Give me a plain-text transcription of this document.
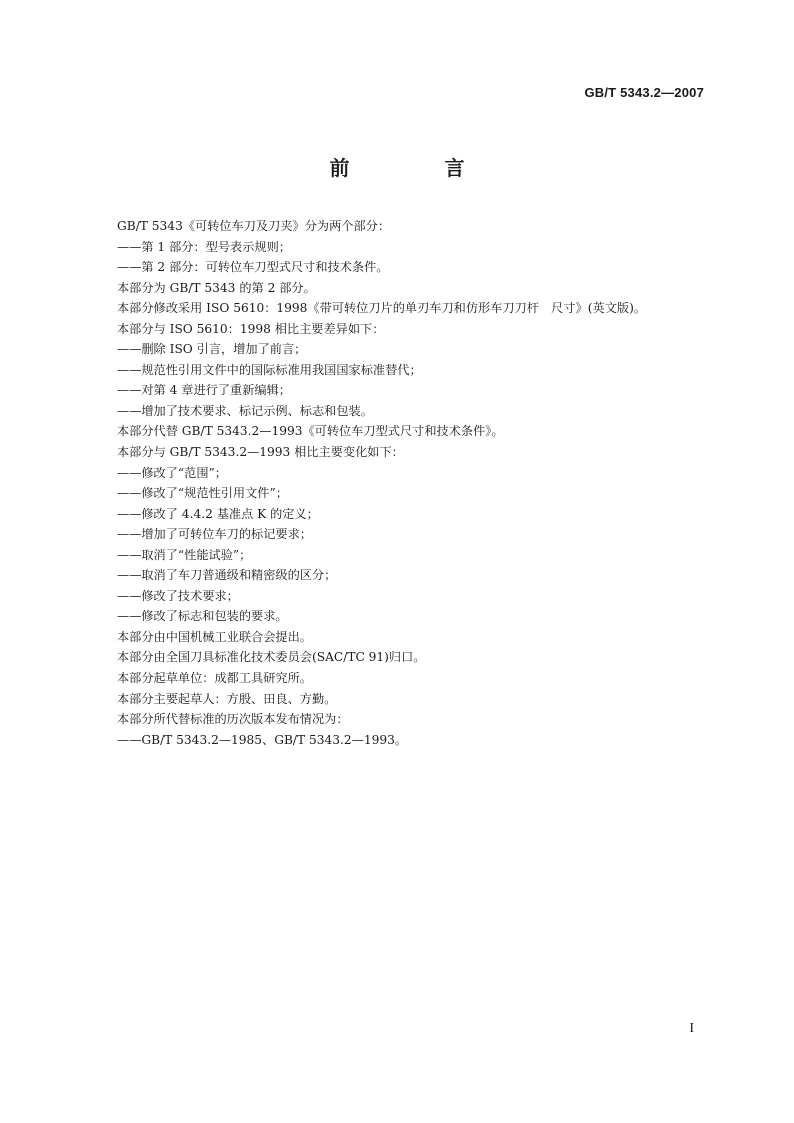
GB/T 5343.2—2007
前 言
GB/T 5343《可转位车刀及刀夹》分为两个部分：
——第 1 部分：型号表示规则；
——第 2 部分：可转位车刀型式尺寸和技术条件。
本部分为 GB/T 5343 的第 2 部分。
本部分修改采用 ISO 5610：1998《带可转位刀片的单刃车刀和仿形车刀刀杆　尺寸》(英文版)。
本部分与 ISO 5610：1998 相比主要差异如下：
——删除 ISO 引言，增加了前言；
——规范性引用文件中的国际标准用我国国家标准替代；
——对第 4 章进行了重新编辑；
——增加了技术要求、标记示例、标志和包装。
本部分代替 GB/T 5343.2—1993《可转位车刀型式尺寸和技术条件》。
本部分与 GB/T 5343.2—1993 相比主要变化如下：
——修改了“范围”；
——修改了“规范性引用文件”；
——修改了 4.4.2 基准点 K 的定义；
——增加了可转位车刀的标记要求；
——取消了“性能试验”；
——取消了车刀普通级和精密级的区分；
——修改了技术要求；
——修改了标志和包装的要求。
本部分由中国机械工业联合会提出。
本部分由全国刀具标准化技术委员会(SAC/TC 91)归口。
本部分起草单位：成都工具研究所。
本部分主要起草人：方殷、田良、方勤。
本部分所代替标准的历次版本发布情况为：
——GB/T 5343.2—1985、GB/T 5343.2—1993。
I
